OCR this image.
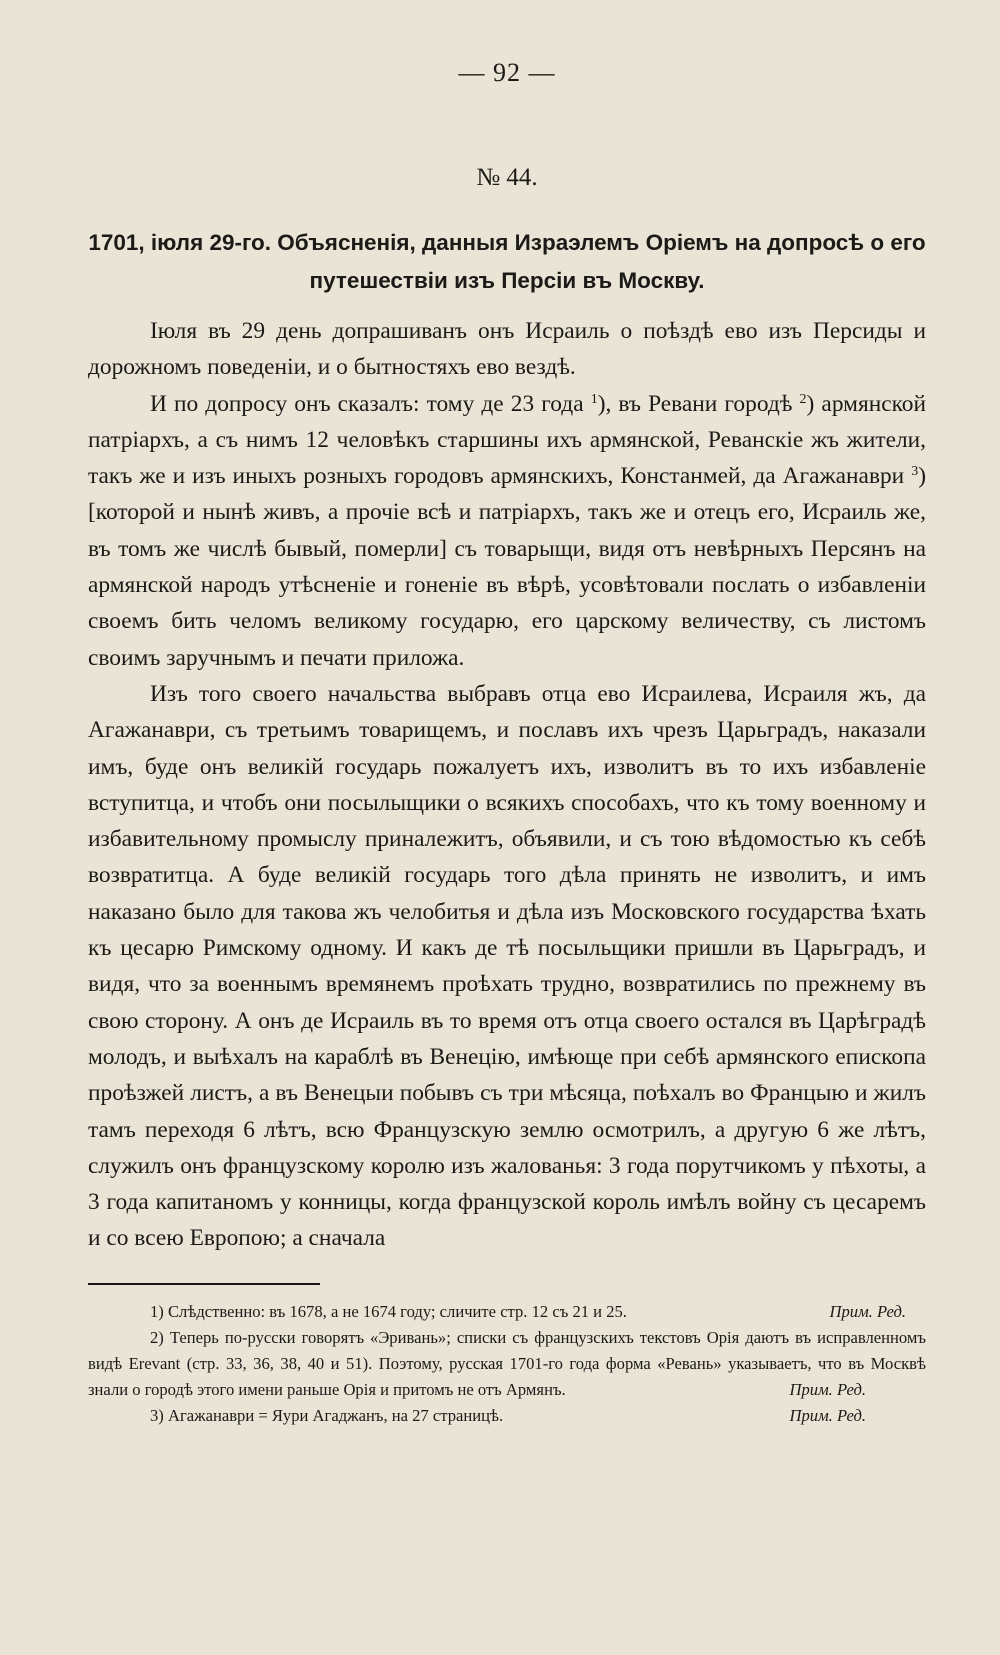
— 92 —
№ 44.
1701, іюля 29-го. Объясненія, данныя Израэлемъ Оріемъ на допросѣ о его путешествіи изъ Персіи въ Москву.

Іюля въ 29 день допрашиванъ онъ Исраиль о поѣздѣ ево изъ Персиды и дорожномъ поведеніи, и о бытностяхъ ево вездѣ.

И по допросу онъ сказалъ: тому де 23 года $^1$), въ Ревани городѣ $^2$) армянской патріархъ, а съ нимъ 12 человѣкъ старшины ихъ армянской, Реванскіе жъ жители, такъ же и изъ иныхъ розныхъ городовъ армянскихъ, Констанмей, да Агажанаври $^3$) [которой и нынѣ живъ, а прочіе всѣ и патріархъ, такъ же и отецъ его, Исраиль же, въ томъ же числѣ бывый, померли] съ товарыщи, видя отъ невѣрныхъ Персянъ на армянской народъ утѣсненіе и гоненіе въ вѣрѣ, усовѣтовали послать о избавленіи своемъ бить челомъ великому государю, его царскому величеству, съ листомъ своимъ заручнымъ и печати приложа.

Изъ того своего начальства выбравъ отца ево Исраилева, Исраиля жъ, да Агажанаври, съ третьимъ товарищемъ, и пославъ ихъ чрезъ Царьградъ, наказали имъ, буде онъ великій государь пожалуетъ ихъ, изволитъ въ то ихъ избавленіе вступитца, и чтобъ они посылыщики о всякихъ способахъ, что къ тому военному и избавительному промыслу приналежитъ, объявили, и съ тою вѣдомостью къ себѣ возвратитца. А буде великій государь того дѣла принять не изволитъ, и имъ наказано было для такова жъ челобитья и дѣла изъ Московского государства ѣхать къ цесарю Римскому одному. И какъ де тѣ посыльщики пришли въ Царьградъ, и видя, что за военнымъ времянемъ проѣхать трудно, возвратились по прежнему въ свою сторону. А онъ де Исраиль въ то время отъ отца своего остался въ Царѣградѣ молодъ, и выѣхалъ на караблѣ въ Венецію, имѣюще при себѣ армянского епископа проѣзжей листъ, а въ Венецыи побывъ съ три мѣсяца, поѣхалъ во Францыю и жилъ тамъ переходя 6 лѣтъ, всю Французскую землю осмотрилъ, а другую 6 же лѣтъ, служилъ онъ французскому королю изъ жалованья: 3 года порутчикомъ у пѣхоты, а 3 года капитаномъ у конницы, когда французской король имѣлъ войну съ цесаремъ и со всею Европою; а сначала

1) Слѣдственно: въ 1678, а не 1674 году; сличите стр. 12 съ 21 и 25.	Прим. Ред.

2) Теперь по-русски говорятъ «Эривань»; списки съ французскихъ текстовъ Орія даютъ въ исправленномъ видѣ Erevant (стр. 33, 36, 38, 40 и 51). Поэтому, русская 1701-го года форма «Ревань» указываетъ, что въ Москвѣ знали о городѣ этого имени раньше Орія и притомъ не отъ Армянъ.	Прим. Ред.

3) Агажанаври = Яури Агаджанъ, на 27 страницѣ.	Прим. Ред.
